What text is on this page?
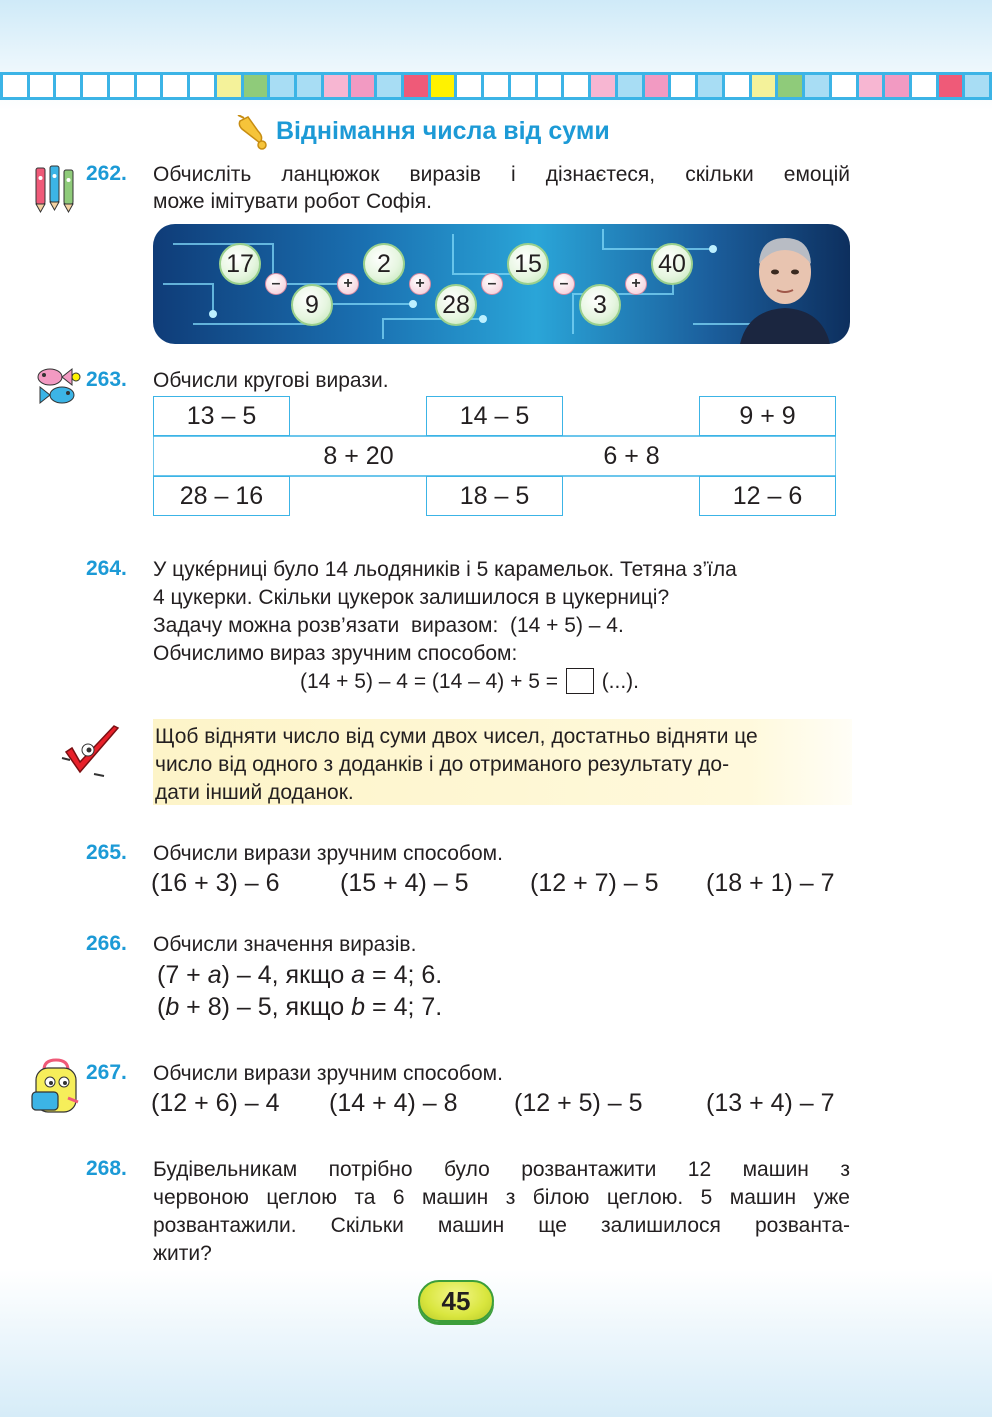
Віднімання числа від суми
262. Обчисліть ланцюжок виразів і дізнаєтеся, скільки емоцій
може імітувати робот Софія.
17
–
9
+
2
+
28
–
15
–
3
+
40
263. Обчисли кругові вирази.
13 – 5	14 – 5	9 + 9
8 + 20	6 + 8
28 – 16	18 – 5	12 – 6
264. У цукéрниці було 14 льодяників і 5 карамельок. Тетяна з’їла
4 цукерки. Скільки цукерок залишилося в цукерниці?
Задачу можна розв’язати  виразом:  (14 + 5) – 4.
Обчислимо вираз зручним способом:
(14 + 5) – 4 = (14 – 4) + 5 = (...).
Щоб відняти число від суми двох чисел, достатньо відняти це
число від одного з доданків і до отриманого результату до-
дати інший доданок.
265. Обчисли вирази зручним способом.
(16 + 3) – 6 (15 + 4) – 5 (12 + 7) – 5 (18 + 1) – 7
266. Обчисли значення виразів.
(7 + a) – 4, якщо a = 4; 6.
(b + 8) – 5, якщо b = 4; 7.
267. Обчисли вирази зручним способом.
(12 + 6) – 4 (14 + 4) – 8 (12 + 5) – 5	(13 + 4) – 7
268. Будівельникам потрібно було розвантажити 12 машин з
червоною цеглою та 6 машин з білою цеглою. 5 машин уже
розвантажили. Скільки машин ще залишилося розванта-
жити?
45
